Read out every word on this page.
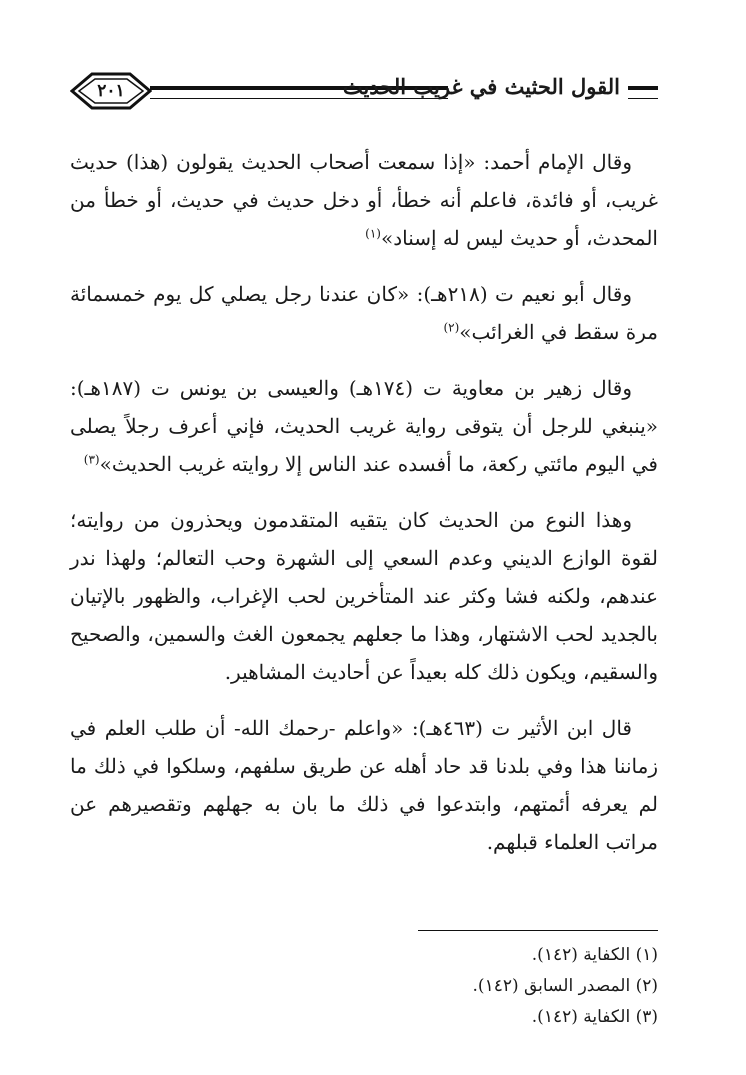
٢٠١	القول الحثيث في غريب الحديث

وقال الإمام أحمد: «إذا سمعت أصحاب الحديث يقولون (هذا) حديث غريب، أو فائدة، فاعلم أنه خطأ، أو دخل حديث في حديث، أو خطأ من المحدث، أو حديث ليس له إسناد»$^{(١)}$

وقال أبو نعيم ت (٢١٨هـ): «كان عندنا رجل يصلي كل يوم خمسمائة مرة سقط في الغرائب»$^{(٢)}$

وقال زهير بن معاوية ت (١٧٤هـ) والعيسى بن يونس ت (١٨٧هـ): «ينبغي للرجل أن يتوقى رواية غريب الحديث، فإني أعرف رجلاً يصلى في اليوم مائتي ركعة، ما أفسده عند الناس إلا روايته غريب الحديث»$^{(٣)}$

وهذا النوع من الحديث كان يتقيه المتقدمون ويحذرون من روايته؛ لقوة الوازع الديني وعدم السعي إلى الشهرة وحب التعالم؛ ولهذا ندر عندهم، ولكنه فشا وكثر عند المتأخرين لحب الإغراب، والظهور بالإتيان بالجديد لحب الاشتهار، وهذا ما جعلهم يجمعون الغث والسمين، والصحيح والسقيم، ويكون ذلك كله بعيداً عن أحاديث المشاهير.

قال ابن الأثير ت (٤٦٣هـ): «واعلم -رحمك الله- أن طلب العلم في زماننا هذا وفي بلدنا قد حاد أهله عن طريق سلفهم، وسلكوا في ذلك ما لم يعرفه أئمتهم، وابتدعوا في ذلك ما بان به جهلهم وتقصيرهم عن مراتب العلماء قبلهم.

(١) الكفاية (١٤٢).

(٢) المصدر السابق (١٤٢).

(٣) الكفاية (١٤٢).
